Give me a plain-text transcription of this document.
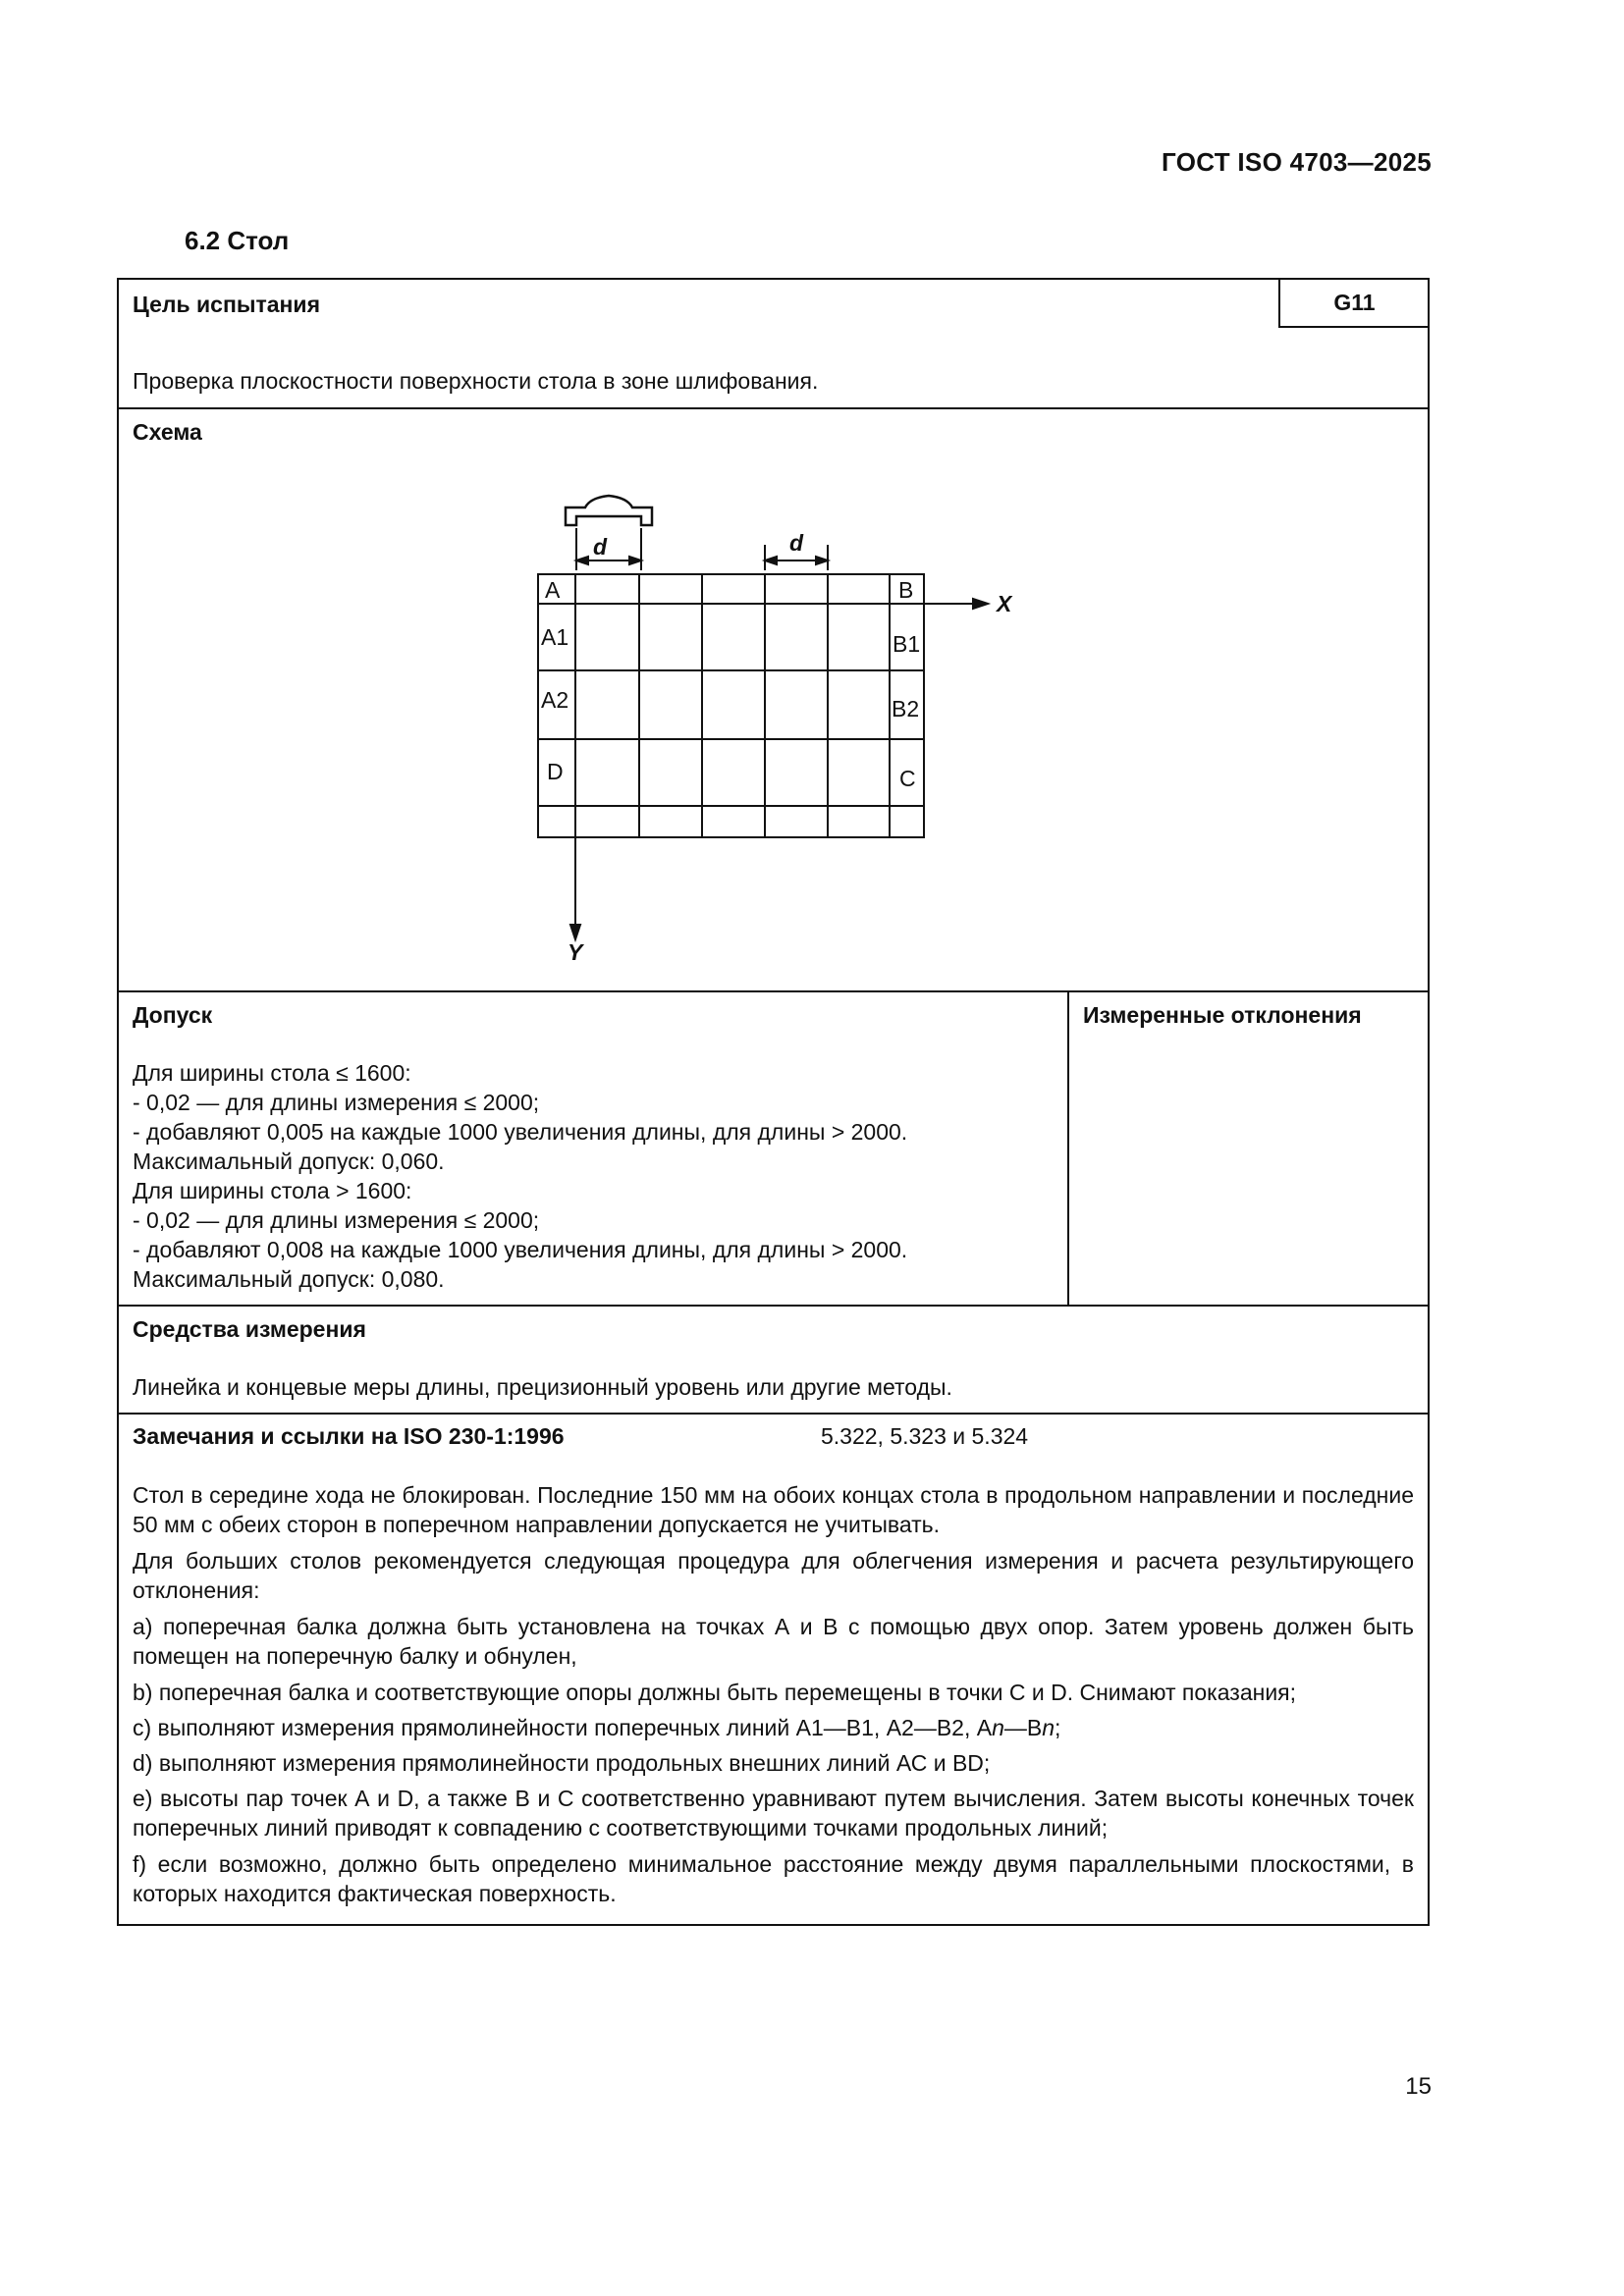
ГОСТ ISO 4703—2025
6.2 Стол
Цель испытания	G11
Проверка плоскостности поверхности стола в зоне шлифования.
Схема
d	d
A	B
A1	B1
A2	B2
D	C
X
Y
Допуск
Для ширины стола ≤ 1600:
- 0,02 — для длины измерения ≤ 2000;
- добавляют 0,005 на каждые 1000 увеличения длины, для длины > 2000.
Максимальный допуск: 0,060.
Для ширины стола > 1600:
- 0,02 — для длины измерения ≤ 2000;
- добавляют 0,008 на каждые 1000 увеличения длины, для длины > 2000.
Максимальный допуск: 0,080.
Измеренные отклонения
Средства измерения
Линейка и концевые меры длины, прецизионный уровень или другие методы.
Замечания и ссылки на ISO 230-1:1996	5.322, 5.323 и 5.324
Стол в середине хода не блокирован. Последние 150 мм на обоих концах стола в продольном направлении и последние 50 мм с обеих сторон в поперечном направлении допускается не учитывать.
Для больших столов рекомендуется следующая процедура для облегчения измерения и расчета результирующего отклонения:
а) поперечная балка должна быть установлена на точках А и В с помощью двух опор. Затем уровень должен быть помещен на поперечную балку и обнулен,
b) поперечная балка и соответствующие опоры должны быть перемещены в точки С и D. Снимают показания;
c) выполняют измерения прямолинейности поперечных линий А1—В1, А2—В2, Аn—Вn;
d) выполняют измерения прямолинейности продольных внешних линий АС и BD;
e) высоты пар точек А и D, а также В и С соответственно уравнивают путем вычисления. Затем высоты конечных точек поперечных линий приводят к совпадению с соответствующими точками продольных линий;
f) если возможно, должно быть определено минимальное расстояние между двумя параллельными плоскостями, в которых находится фактическая поверхность.
15
